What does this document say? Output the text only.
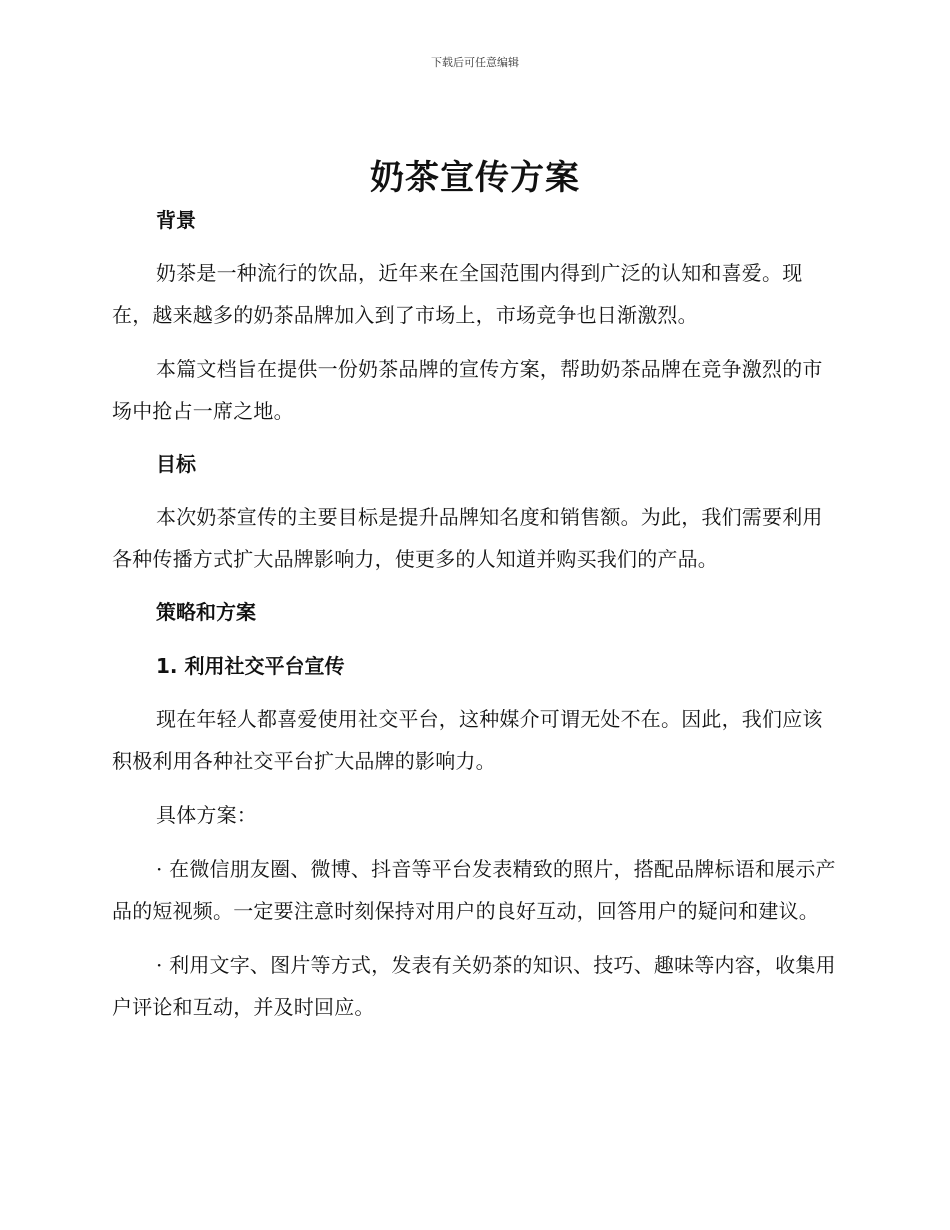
下载后可任意编辑
奶茶宣传方案
背景

奶茶是一种流行的饮品，近年来在全国范围内得到广泛的认知和喜爱。现在，越来越多的奶茶品牌加入到了市场上，市场竞争也日渐激烈。

本篇文档旨在提供一份奶茶品牌的宣传方案，帮助奶茶品牌在竞争激烈的市场中抢占一席之地。

目标

本次奶茶宣传的主要目标是提升品牌知名度和销售额。为此，我们需要利用各种传播方式扩大品牌影响力，使更多的人知道并购买我们的产品。

策略和方案
1. 利用社交平台宣传

现在年轻人都喜爱使用社交平台，这种媒介可谓无处不在。因此，我们应该积极利用各种社交平台扩大品牌的影响力。

具体方案：

· 在微信朋友圈、微博、抖音等平台发表精致的照片，搭配品牌标语和展示产品的短视频。一定要注意时刻保持对用户的良好互动，回答用户的疑问和建议。

· 利用文字、图片等方式，发表有关奶茶的知识、技巧、趣味等内容，收集用户评论和互动，并及时回应。
